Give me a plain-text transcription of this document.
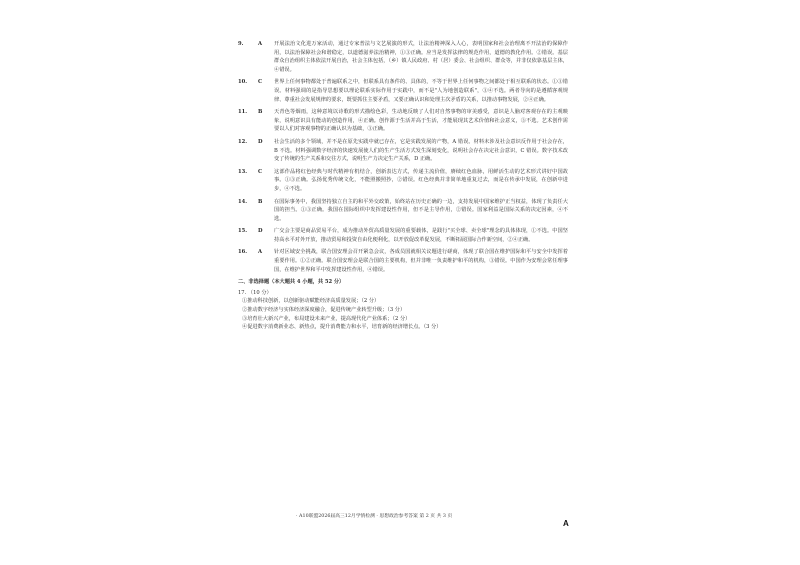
9.	A	开展法治文化进万家活动，通过专家普法与文艺展演的形式，让法治精神深入人心，表明国家和社会治理离不开法治的保障作用，以法治保障社会和谐稳定，以道德滋养法治精神，①③正确。应当是发挥法律的规范作用，道德的教化作用。②错误。基层群众自治组织主体依法开展自治，社会主体包括，（乡）镇人民政府、村（居）委会、社会组织、群众等，并非仅依靠基层主体，④错误。
10.	C	世界上任何事物都处于普遍联系之中，但联系具有条件的、具体的，不等于世界上任何事物之间都处于相互联系的状态。①③错误。材料强调的是指导思想要以理论联系实际作用于实践中，而不是"人为地创造联系"，③④不选。两者导向的是遵循客观规律、尊重社会发展规律的要求，既要抓住主要矛盾，又要正确认识和处理主次矛盾的关系，以推动事物发展，②④正确。
11.	B	天青色等烟雨，这种意境以诗歌的形式描绘色彩，生动地反映了人们对自然事物的审美感受，意识是人脑对客观存在的主观映象，说明意识具有能动的创造作用，④正确。创作源于生活并高于生活，才能展现其艺术价值和社会意义，③不选。艺术创作需要以人们对客观事物的正确认识为基础，③正确。
12.	D	社会生活的多个领域，并不是在原先实践中就已存在，它是实践发展的产物，A 错误。材料未涉及社会意识反作用于社会存在，B 不选。材料强调数字经济的快速发展使人们的生产生活方式发生深刻变化，说明社会存在决定社会意识，C 错误。数字技术改变了传统的生产关系和交往方式，说明生产力决定生产关系，D 正确。
13.	C	这部作品将红色经典与时代精神有机结合，创新表达方式，传递主流价值，赓续红色血脉，用鲜活生动的艺术形式讲好中国故事。①③正确。弘扬优秀传统文化，不能照搬照抄，②错误。红色经典并非简单地重复过去，而是在传承中发展，在创新中进步，④不选。
14.	B	在国际事务中，我国坚持独立自主的和平外交政策，始终站在历史正确的一边，支持发展中国家维护正当权益，体现了负责任大国的担当。①③正确。我国在国际组织中发挥建设性作用，但不是主导作用，②错误。国家利益是国际关系的决定因素，④不选。
15.	D	广交会主要是商品贸易平台，成为推动外贸高质量发展的重要载体，是践行"买全球、卖全球"理念的具体体现，①不选。中国坚持高水平对外开放，推动贸易和投资自由化便利化，以开放促改革促发展，不断拓展国际合作新空间，②④正确。
16.	A	针对区域安全挑战，联合国安理会召开紧急会议，各成员国就相关议题进行磋商，体现了联合国在维护国际和平与安全中发挥着重要作用。①②正确。联合国安理会是联合国的主要机构，但并非唯一负责维护和平的机构，③错误。中国作为安理会常任理事国，在维护世界和平中发挥建设性作用，④错误。
二、非选择题（本大题共 4 小题，共 52 分）
17. （10 分）
①推动科技创新，以创新驱动赋能经济高质量发展；（2 分）
②推动数字经济与实体经济深度融合，促进传统产业转型升级；（3 分）
③培育壮大新兴产业，布局建设未来产业，提高现代化产业体系；（2 分）
④促进数字消费新业态、新热点，提升消费能力和水平，培育新的经济增长点。（3 分）
· A10联盟2026届高三12月学情检测 · 思想政治参考答案 第 2 页 共 3 页
A
